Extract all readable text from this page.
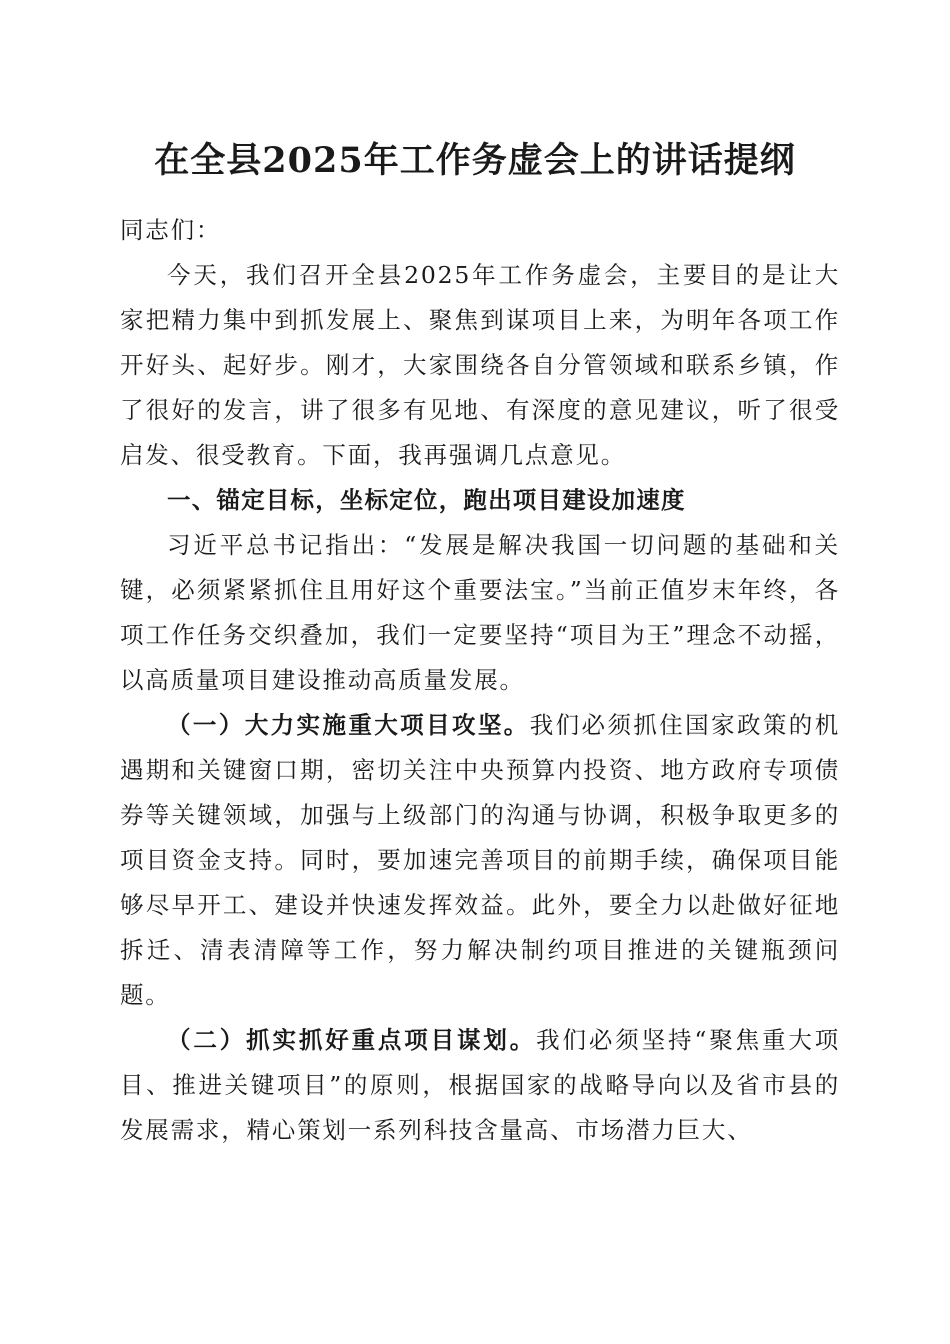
在全县2025年工作务虚会上的讲话提纲

同志们：

今天，我们召开全县2025年工作务虚会，主要目的是让大家把精力集中到抓发展上、聚焦到谋项目上来，为明年各项工作开好头、起好步。刚才，大家围绕各自分管领域和联系乡镇，作了很好的发言，讲了很多有见地、有深度的意见建议，听了很受启发、很受教育。下面，我再强调几点意见。

一、锚定目标，坐标定位，跑出项目建设加速度

习近平总书记指出：“发展是解决我国一切问题的基础和关键，必须紧紧抓住且用好这个重要法宝。”当前正值岁末年终，各项工作任务交织叠加，我们一定要坚持“项目为王”理念不动摇，以高质量项目建设推动高质量发展。

（一）大力实施重大项目攻坚。我们必须抓住国家政策的机遇期和关键窗口期，密切关注中央预算内投资、地方政府专项债券等关键领域，加强与上级部门的沟通与协调，积极争取更多的项目资金支持。同时，要加速完善项目的前期手续，确保项目能够尽早开工、建设并快速发挥效益。此外，要全力以赴做好征地拆迁、清表清障等工作，努力解决制约项目推进的关键瓶颈问题。

（二）抓实抓好重点项目谋划。我们必须坚持“聚焦重大项目、推进关键项目”的原则，根据国家的战略导向以及省市县的发展需求，精心策划一系列科技含量高、市场潜力巨大、
